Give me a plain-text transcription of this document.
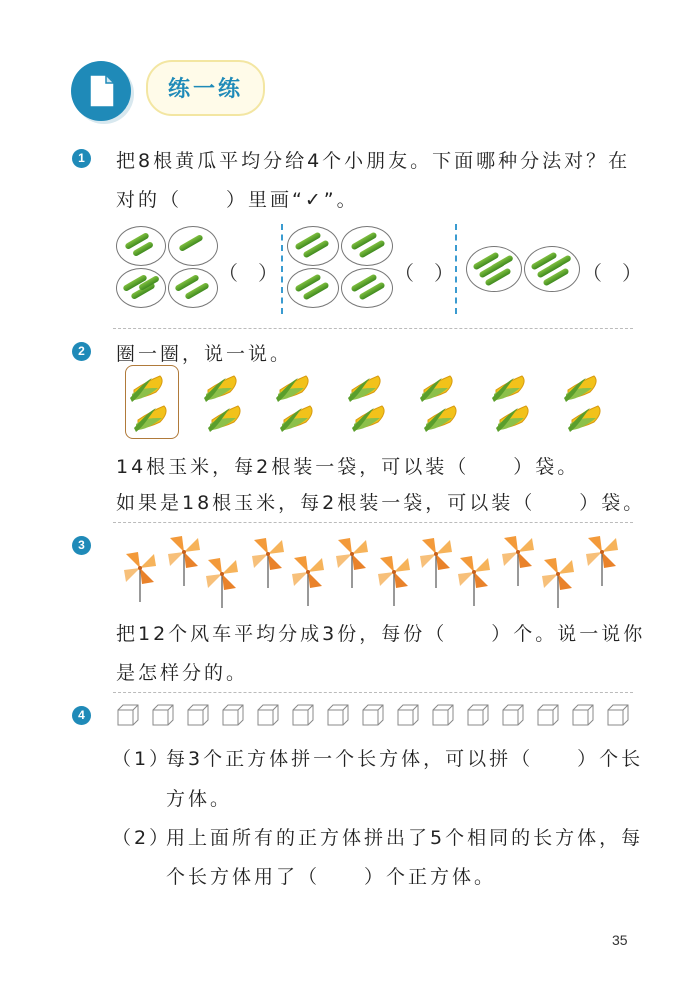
练一练
1	把8根黄瓜平均分给4个小朋友。下面哪种分法对？在
对的（　　）里画“✓”。
（　）	（　）	（　）
2	圈一圈，说一说。
14根玉米，每2根装一袋，可以装（　　）袋。
如果是18根玉米，每2根装一袋，可以装（　　）袋。
3
把12个风车平均分成3份，每份（　　）个。说一说你
是怎样分的。
4
（1）
每3个正方体拼一个长方体，可以拼（　　）个长
方体。
（2）
用上面所有的正方体拼出了5个相同的长方体，每
个长方体用了（　　）个正方体。
35
